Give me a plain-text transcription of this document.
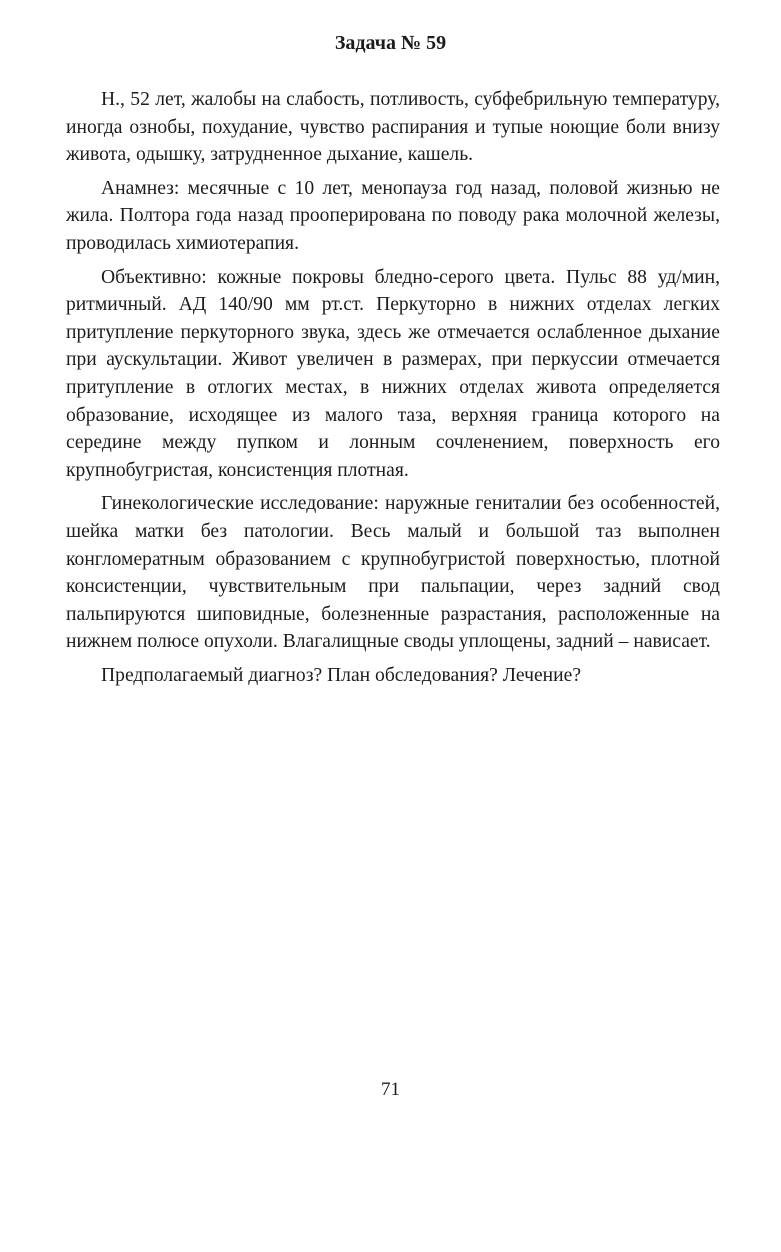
Задача № 59

Н., 52 лет, жалобы на слабость, потливость, субфебрильную температуру, иногда ознобы, похудание, чувство распирания и тупые ноющие боли внизу живота, одышку, затрудненное дыхание, кашель.

Анамнез: месячные с 10 лет, менопауза год назад, половой жизнью не жила. Полтора года назад прооперирована по поводу рака молочной железы, проводилась химиотерапия.

Объективно: кожные покровы бледно-серого цвета. Пульс 88 уд/мин, ритмичный. АД 140/90 мм рт.ст. Перкуторно в нижних отделах легких притупление перкуторного звука, здесь же отмечается ослабленное дыхание при аускультации. Живот увеличен в размерах, при перкуссии отмечается притупление в отлогих местах, в нижних отделах живота определяется образование, исходящее из малого таза, верхняя граница которого на середине между пупком и лонным сочленением, поверхность его крупнобугристая, консистенция плотная.

Гинекологические исследование: наружные гениталии без особенностей, шейка матки без патологии. Весь малый и большой таз выполнен конгломератным образованием с крупнобугристой поверхностью, плотной консистенции, чувствительным при пальпации, через задний свод пальпируются шиповидные, болезненные разрастания, расположенные на нижнем полюсе опухоли. Влагалищные своды уплощены, задний – нависает.

Предполагаемый диагноз? План обследования? Лечение?

71
